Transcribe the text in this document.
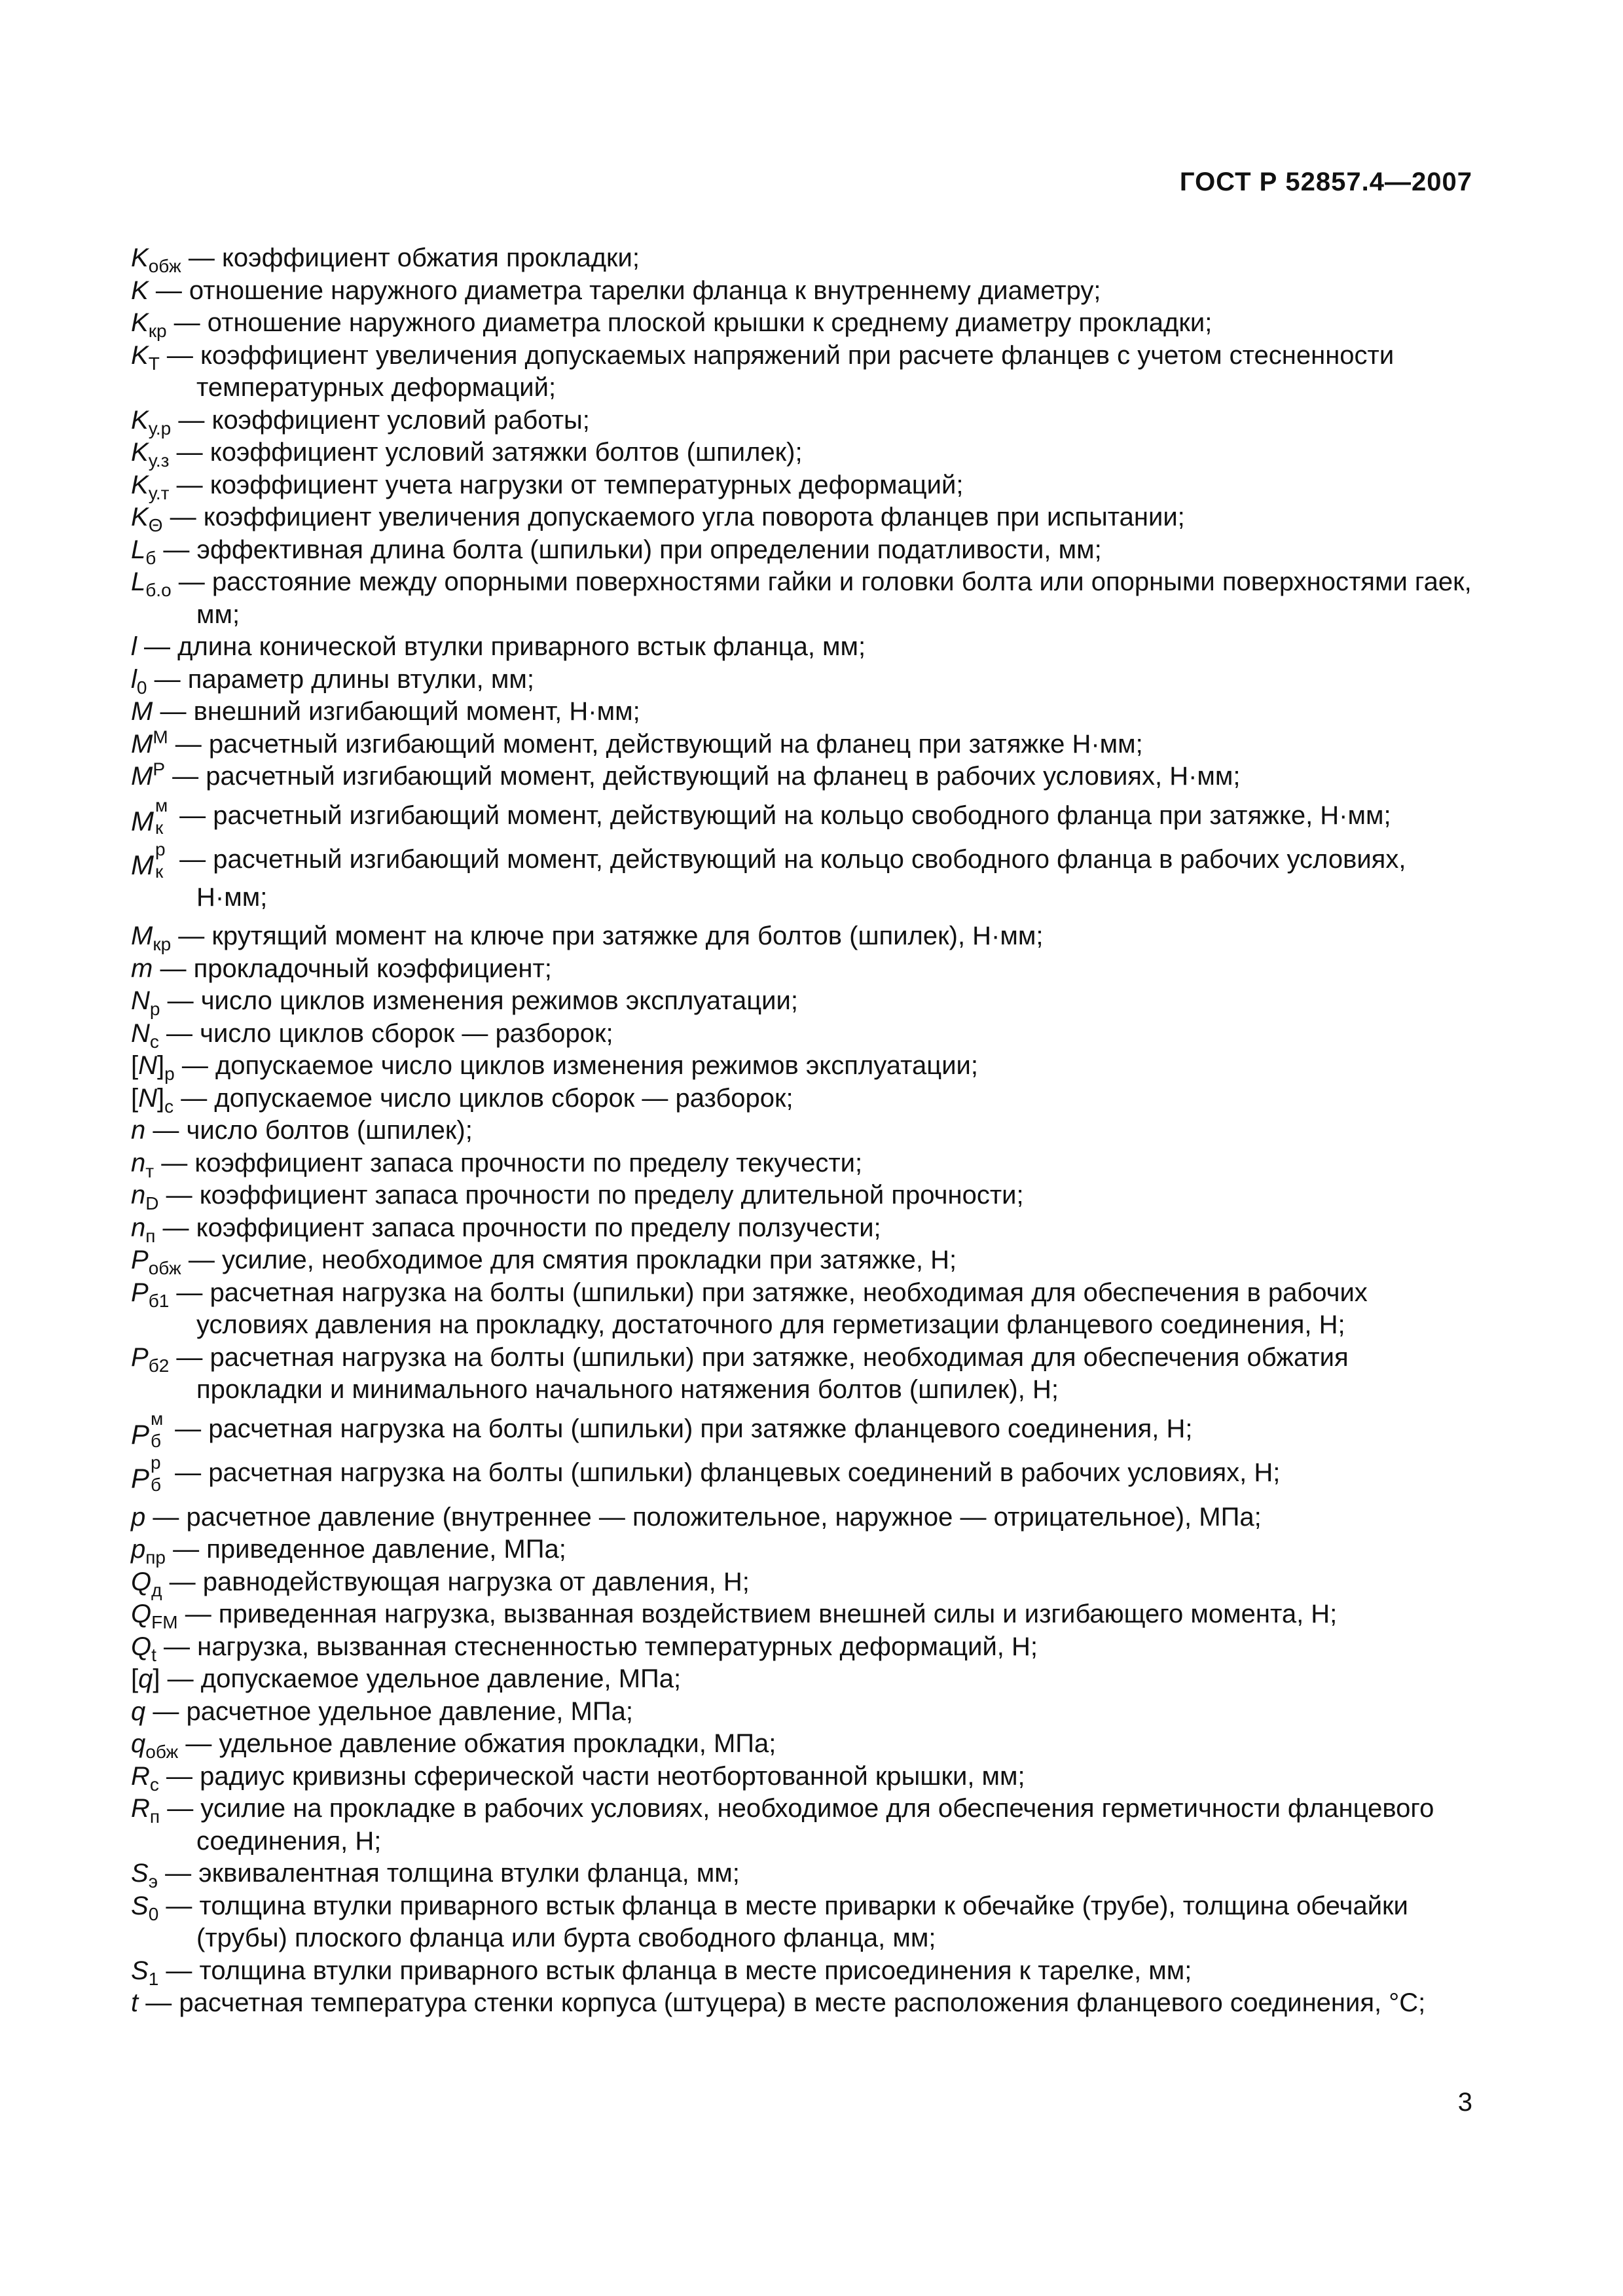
ГОСТ Р 52857.4—2007

$K_{обж}$ — коэффициент обжатия прокладки;

K — отношение наружного диаметра тарелки фланца к внутреннему диаметру;

$K_{кр}$ — отношение наружного диаметра плоской крышки к среднему диаметру прокладки;

$K_Т$ — коэффициент увеличения допускаемых напряжений при расчете фланцев с учетом стесненности температурных деформаций;

$K_{у.р}$ — коэффициент условий работы;

$K_{у.з}$ — коэффициент условий затяжки болтов (шпилек);

$K_{у.т}$ — коэффициент учета нагрузки от температурных деформаций;

$K_\Theta$ — коэффициент увеличения допускаемого угла поворота фланцев при испытании;

$L_б$ — эффективная длина болта (шпильки) при определении податливости, мм;

$L_{б.о}$ — расстояние между опорными поверхностями гайки и головки болта или опорными поверхностями гаек, мм;

l — длина конической втулки приварного встык фланца, мм;

$l_0$ — параметр длины втулки, мм;

M — внешний изгибающий момент, Н·мм;

$M^М$ — расчетный изгибающий момент, действующий на фланец при затяжке Н·мм;

$M^Р$ — расчетный изгибающий момент, действующий на фланец в рабочих условиях, Н·мм;

M
м
к — расчетный изгибающий момент, действующий на кольцо свободного фланца при затяжке, Н·мм;

M
р
к — расчетный изгибающий момент, действующий на кольцо свободного фланца в рабочих условиях, Н·мм;

$M_{кр}$ — крутящий момент на ключе при затяжке для болтов (шпилек), Н·мм;

m — прокладочный коэффициент;

$N_р$ — число циклов изменения режимов эксплуатации;

$N_с$ — число циклов сборок — разборок;

$[N]_р$ — допускаемое число циклов изменения режимов эксплуатации;

$[N]_с$ — допускаемое число циклов сборок — разборок;

n — число болтов (шпилек);

$n_т$ — коэффициент запаса прочности по пределу текучести;

$n_D$ — коэффициент запаса прочности по пределу длительной прочности;

$n_п$ — коэффициент запаса прочности по пределу ползучести;

$P_{обж}$ — усилие, необходимое для смятия прокладки при затяжке, Н;

$P_{б1}$ — расчетная нагрузка на болты (шпильки) при затяжке, необходимая для обеспечения в рабочих условиях давления на прокладку, достаточного для герметизации фланцевого соединения, Н;

$P_{б2}$ — расчетная нагрузка на болты (шпильки) при затяжке, необходимая для обеспечения обжатия прокладки и минимального начального натяжения болтов (шпилек), Н;

P
м
б — расчетная нагрузка на болты (шпильки) при затяжке фланцевого соединения, Н;

P
р
б — расчетная нагрузка на болты (шпильки) фланцевых соединений в рабочих условиях, Н;

p — расчетное давление (внутреннее — положительное, наружное — отрицательное), МПа;

$p_{пр}$ — приведенное давление, МПа;

$Q_д$ — равнодействующая нагрузка от давления, Н;

$Q_{FM}$ — приведенная нагрузка, вызванная воздействием внешней силы и изгибающего момента, Н;

$Q_t$ — нагрузка, вызванная стесненностью температурных деформаций, Н;

[q] — допускаемое удельное давление, МПа;

q — расчетное удельное давление, МПа;

$q_{обж}$ — удельное давление обжатия прокладки, МПа;

$R_с$ — радиус кривизны сферической части неотбортованной крышки, мм;

$R_п$ — усилие на прокладке в рабочих условиях, необходимое для обеспечения герметичности фланцевого соединения, Н;

$S_э$ — эквивалентная толщина втулки фланца, мм;

$S_0$ — толщина втулки приварного встык фланца в месте приварки к обечайке (трубе), толщина обечайки (трубы) плоского фланца или бурта свободного фланца, мм;

$S_1$ — толщина втулки приварного встык фланца в месте присоединения к тарелке, мм;

t — расчетная температура стенки корпуса (штуцера) в месте расположения фланцевого соединения, °С;

3
